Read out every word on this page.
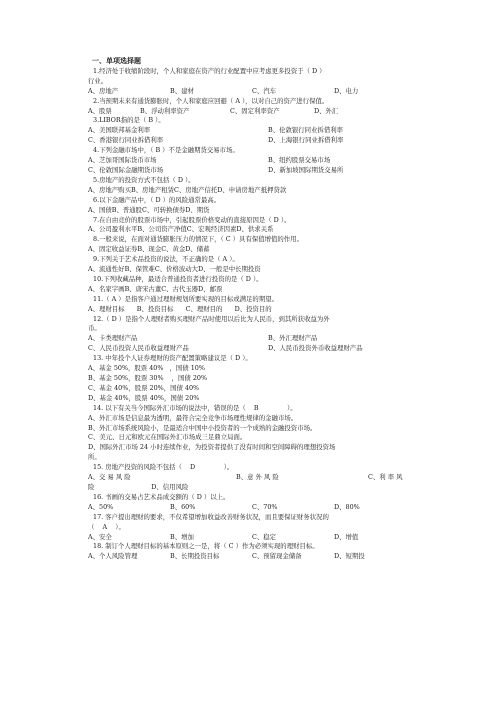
一、单项选择题
1.经济处于收缩阶段时，个人和家庭在资产的行业配置中应考虑更多投资于（ D ）
行业。
A、房地产	B、建材	C、汽车	D、电力
2.当预期未来有通货膨胀时，个人和家庭应回避（ A ），以对自己的资产进行保值。
A、股票	B、浮动利率资产	C、固定利率资产	D、外汇
3.LIBOR指的是（ B ）。
A、美国联邦基金利率	B、伦敦银行同业拆借利率
C、香港银行同业拆借利率	D、上海银行同业拆借利率
4.下列金融市场中，（ B ）不是金融期货交易市场。
A、芝加哥国际货币市场	B、纽约股票交易市场
C、伦敦国际金融期货市场	D、新加坡国际期货交易所
5.房地产的投资方式不包括（ D ）。
A、房地产购买B、房地产租赁C、房地产信托D、申请房地产抵押贷款
6.以下金融产品中，（ D ）的风险通常最高。
A、国债B、普通股C、可转换债券D、期货
7.在自由竞价的股票市场中，引起股票价格变动的直接原因是（ D ）。
A、公司盈利水平B、公司资产净值C、宏观经济因素D、供求关系
8.一般来说，在面对通货膨胀压力的情况下，（ C ）具有保值增值的作用。
A、固定收益证券B、现金C、黄金D、储蓄
9.下列关于艺术品投资的说法，不正确的是（ A ）。
A、流通性好B、保管难C、价格波动大D、一般是中长期投资
10.下列收藏品种，最适合普通投资者进行投资的是（ D ）。
A、名家字画B、唐宋古董C、古代玉器D、邮票
11.（ A ）是指客户通过理财规划所要实现的目标或满足的期望。
A、理财目标      B、投资目标      C、理财目的      D、投资目的
12.（ D ）是指个人理财者购买理财产品时使用以后比为人民币，到其所获收益为外
币。
A、卡类理财产品	B、外汇理财产品
C、人民币投资人民币收益理财产品	D、人民币投资外币收益理财产品
13. 中年投个人证券理财的资产配置策略建议是（ D ）。
A、基金 50%，股票 40%   ，国债 10%
B、基金 50%，股票 30%    ，国债 20%
C、基金 40%，股票 20%，国债 40%
D、基金 40%，股票 40%，国债 20%
14. 以下有关当今国际外汇市场的说法中，错误的是（    B              ）。
A、外汇市场是信息最为透明，最符合完全竞争市场理性规律的金融市场。
B、外汇市场系统风险小，是最适合中国中小投资者的一个成熟的金融投资市场。
C、美元、日元和欧元在国际外汇市场成三足鼎立局面。
D、国际外汇市场 24 小时连续作业，为投资者提供了没有时间和空间障碍的理想投资场
所。
15. 房地产投资的风险不包括（    D              ）。
A、交 易 风 险	B、意 外 风 险	C、利 率 风
险                            D、信用风险
16. 书画的交易占艺术品成交额的（ D ）以上。
A、50%	B、60%	C、70%	D、80%
17. 客户提出理财的要求，不仅希望增加收益改善财务状况，而且要保证财务状况的
（    A    ）。
A、安全	B、增加	C、稳定	D、增值
18. 制订个人理财目标的基本原则之一是，将（ C ）作为必须实现的理财目标。
A、个人风险管理	B、长期投资目标	C、预留现金储备	D、短期投
